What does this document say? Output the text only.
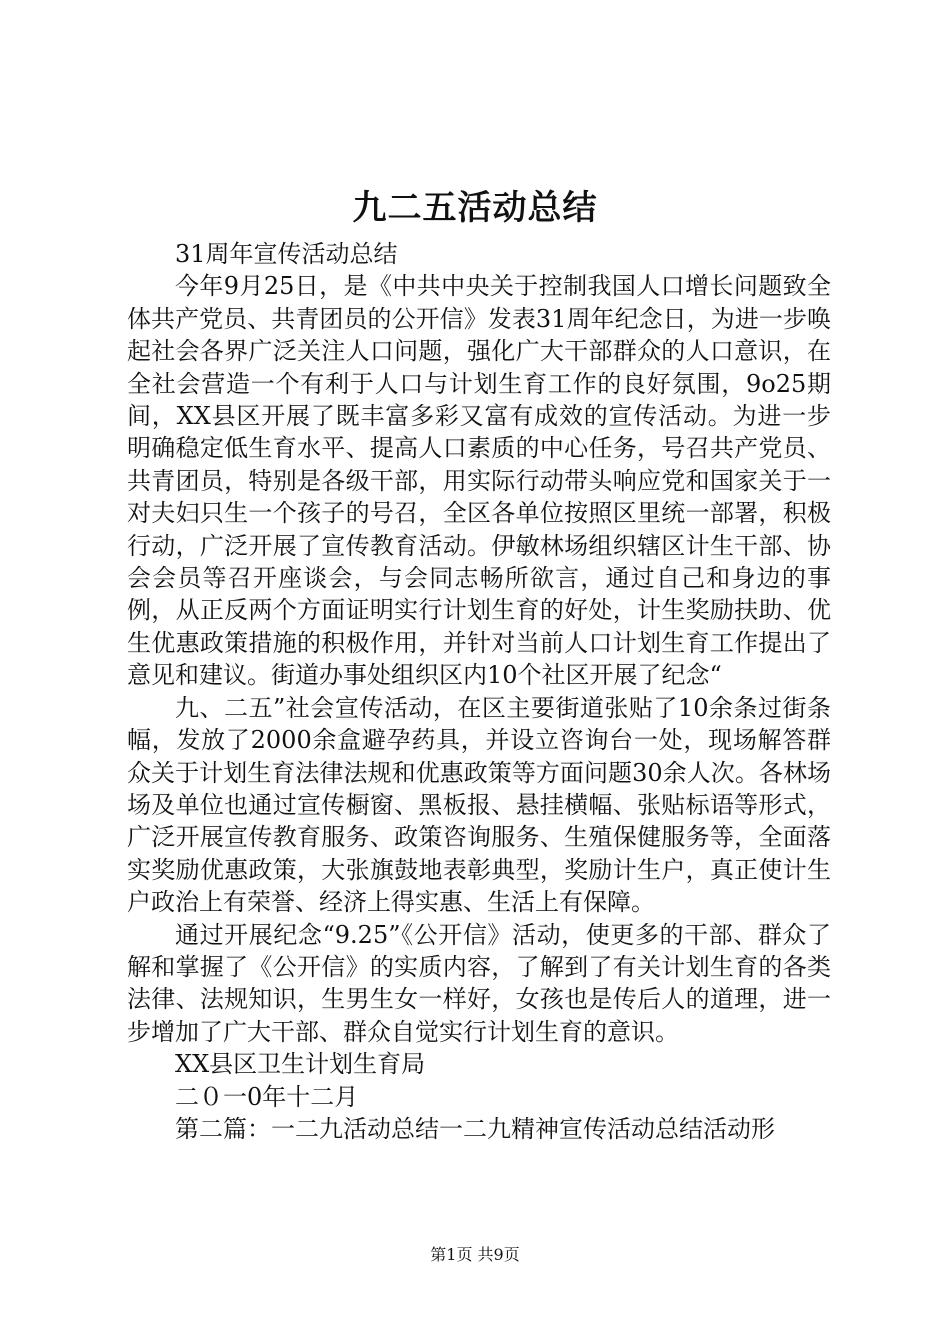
九二五活动总结

31周年宣传活动总结

今年9月25日，是《中共中央关于控制我国人口增长问题致全体共产党员、共青团员的公开信》发表31周年纪念日，为进一步唤起社会各界广泛关注人口问题，强化广大干部群众的人口意识，在全社会营造一个有利于人口与计划生育工作的良好氛围，9o25期间，XX县区开展了既丰富多彩又富有成效的宣传活动。为进一步明确稳定低生育水平、提高人口素质的中心任务，号召共产党员、共青团员，特别是各级干部，用实际行动带头响应党和国家关于一对夫妇只生一个孩子的号召，全区各单位按照区里统一部署，积极行动，广泛开展了宣传教育活动。伊敏林场组织辖区计生干部、协会会员等召开座谈会，与会同志畅所欲言，通过自己和身边的事例，从正反两个方面证明实行计划生育的好处，计生奖励扶助、优生优惠政策措施的积极作用，并针对当前人口计划生育工作提出了意见和建议。街道办事处组织区内10个社区开展了纪念“

九、二五”社会宣传活动，在区主要街道张贴了10余条过街条幅，发放了2000余盒避孕药具，并设立咨询台一处，现场解答群众关于计划生育法律法规和优惠政策等方面问题30余人次。各林场场及单位也通过宣传橱窗、黑板报、悬挂横幅、张贴标语等形式，广泛开展宣传教育服务、政策咨询服务、生殖保健服务等，全面落实奖励优惠政策，大张旗鼓地表彰典型，奖励计生户，真正使计生户政治上有荣誉、经济上得实惠、生活上有保障。

通过开展纪念“9.25”《公开信》活动，使更多的干部、群众了解和掌握了《公开信》的实质内容，了解到了有关计划生育的各类法律、法规知识，生男生女一样好，女孩也是传后人的道理，进一步增加了广大干部、群众自觉实行计划生育的意识。

XX县区卫生计划生育局

二０一0年十二月

第二篇：一二九活动总结一二九精神宣传活动总结活动形

第1页 共9页
